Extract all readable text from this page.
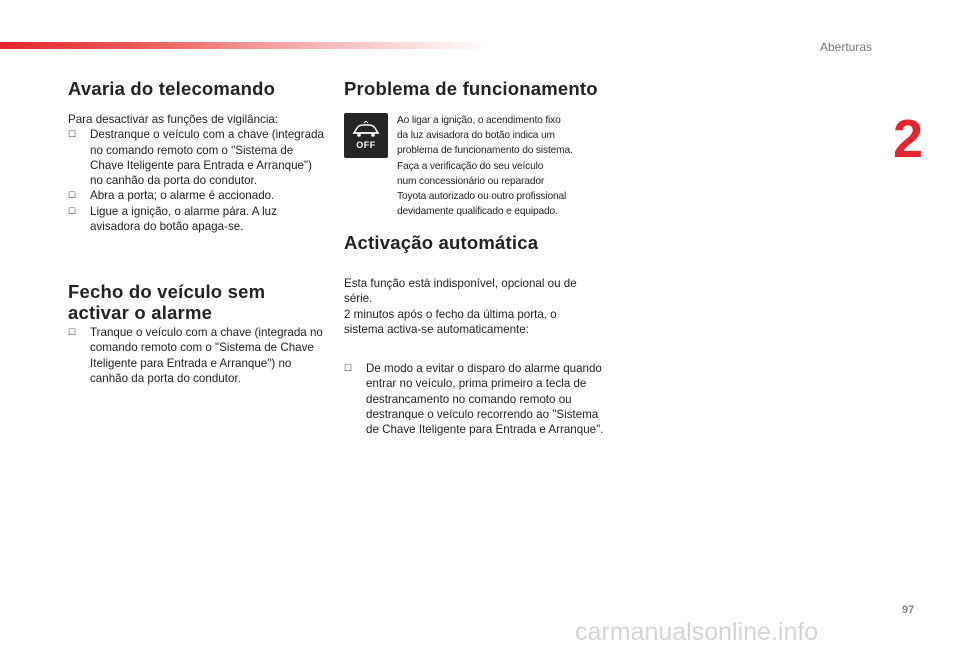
Aberturas
2
Avaria do telecomando
Para desactivar as funções de vigilância:
☐ Destranque o veículo com a chave (integrada no comando remoto com o "Sistema de Chave Iteligente para Entrada e Arranque") no canhão da porta do condutor.
☐ Abra a porta; o alarme é accionado.
☐ Ligue a ignição, o alarme pára. A luz avisadora do botão apaga-se.
Fecho do veículo sem
activar o alarme
☐ Tranque o veículo com a chave (integrada no comando remoto com o "Sistema de Chave Iteligente para Entrada e Arranque") no canhão da porta do condutor.
Problema de funcionamento
OFF
Ao ligar a ignição, o acendimento fixo
da luz avisadora do botão indica um
problema de funcionamento do sistema.
Faça a verificação do seu veículo
num concessionário ou reparador
Toyota autorizado ou outro profissional
devidamente qualificado e equipado.
Activação automática
Esta função está indisponível, opcional ou de
série.
2 minutos após o fecho da última porta, o
sistema activa-se automaticamente:
☐ De modo a evitar o disparo do alarme quando entrar no veículo, prima primeiro a tecla de destrancamento no comando remoto ou destranque o veículo recorrendo ao "Sistema de Chave Iteligente para Entrada e Arranque".
97
carmanualsonline.info
